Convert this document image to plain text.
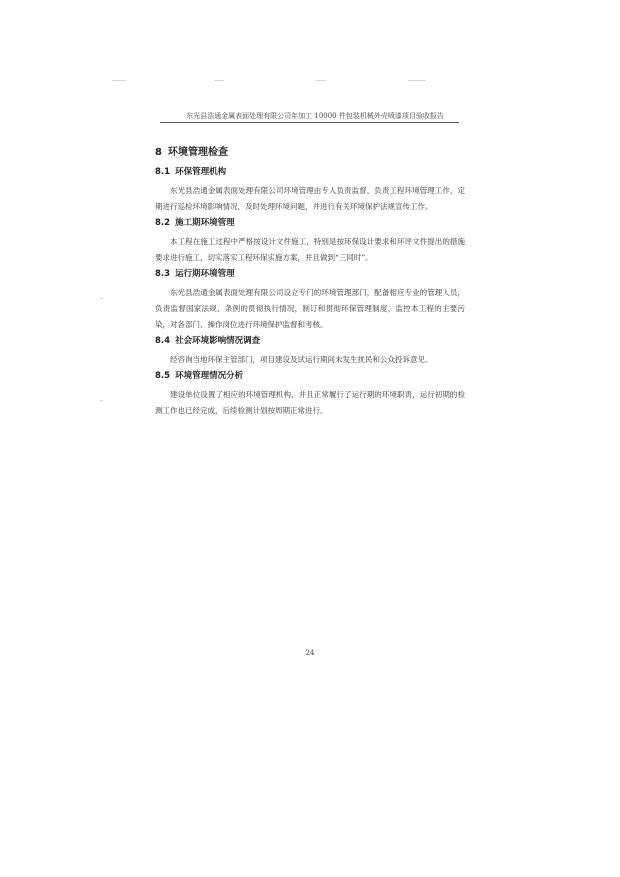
东光县浩通金属表面处理有限公司年加工 10000 件包装机械外壳喷漆项目验收报告
8 环境管理检查
8.1 环保管理机构

东光县浩通金属表面处理有限公司环境管理由专人负责监督，负责工程环境管理工作，定期进行巡检环境影响情况，及时处理环境问题，并进行有关环境保护法规宣传工作。

8.2 施工期环境管理

本工程在施工过程中严格按设计文件施工，特别是按环保设计要求和环评文件提出的措施要求进行施工，切实落实工程环保实施方案，并且做到“三同时”。

8.3 运行期环境管理

东光县浩通金属表面处理有限公司设立专门的环境管理部门，配备相应专业的管理人员，负责监督国家法规、条例的贯彻执行情况，制订和贯彻环保管理制度，监控本工程的主要污染，对各部门、操作岗位进行环境保护监督和考核。

8.4 社会环境影响情况调查

经咨询当地环保主管部门，项目建设及试运行期间未发生扰民和公众投诉意见。

8.5 环境管理情况分析

建设单位设置了相应的环境管理机构，并且正常履行了运行期的环境职责，运行初期的检测工作也已经完成，后续检测计划按周期正常进行。

24
